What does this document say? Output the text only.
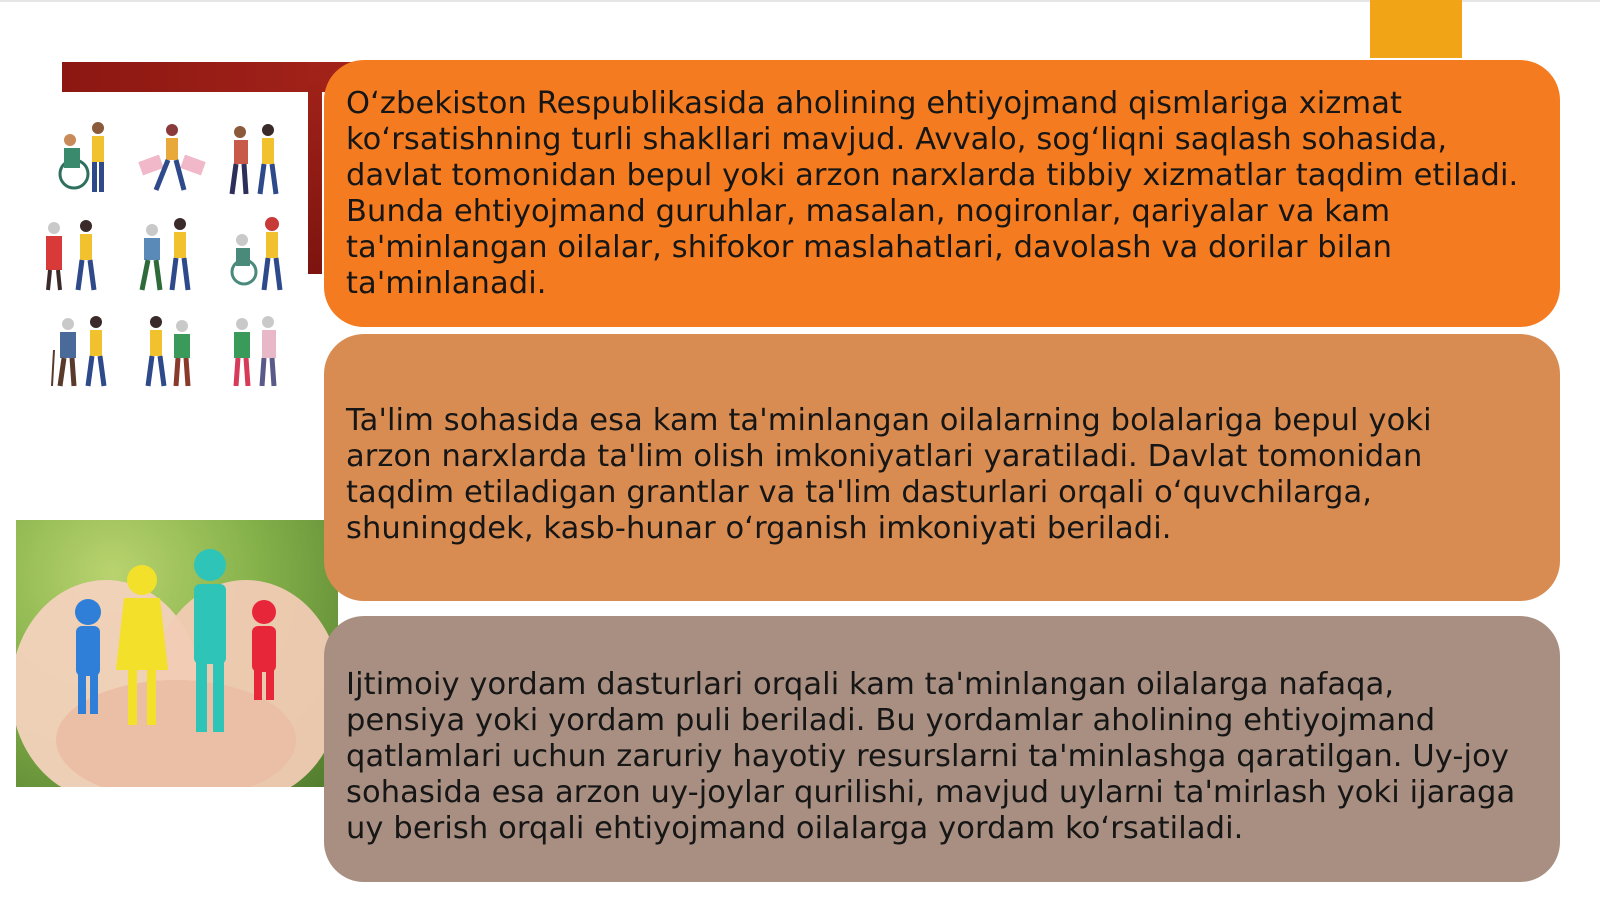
O‘zbekiston Respublikasida aholining ehtiyojmand qismlariga xizmat
ko‘rsatishning turli shakllari mavjud. Avvalo, sog‘liqni saqlash sohasida,
davlat tomonidan bepul yoki arzon narxlarda tibbiy xizmatlar taqdim etiladi.
Bunda ehtiyojmand guruhlar, masalan, nogironlar, qariyalar va kam
ta'minlangan oilalar, shifokor maslahatlari, davolash va dorilar bilan
ta'minlanadi.
Ta'lim sohasida esa kam ta'minlangan oilalarning bolalariga bepul yoki
arzon narxlarda ta'lim olish imkoniyatlari yaratiladi. Davlat tomonidan
taqdim etiladigan grantlar va ta'lim dasturlari orqali o‘quvchilarga,
shuningdek, kasb-hunar o‘rganish imkoniyati beriladi.
Ijtimoiy yordam dasturlari orqali kam ta'minlangan oilalarga nafaqa,
pensiya yoki yordam puli beriladi. Bu yordamlar aholining ehtiyojmand
qatlamlari uchun zaruriy hayotiy resurslarni ta'minlashga qaratilgan. Uy-joy
sohasida esa arzon uy-joylar qurilishi, mavjud uylarni ta'mirlash yoki ijaraga
uy berish orqali ehtiyojmand oilalarga yordam ko‘rsatiladi.
